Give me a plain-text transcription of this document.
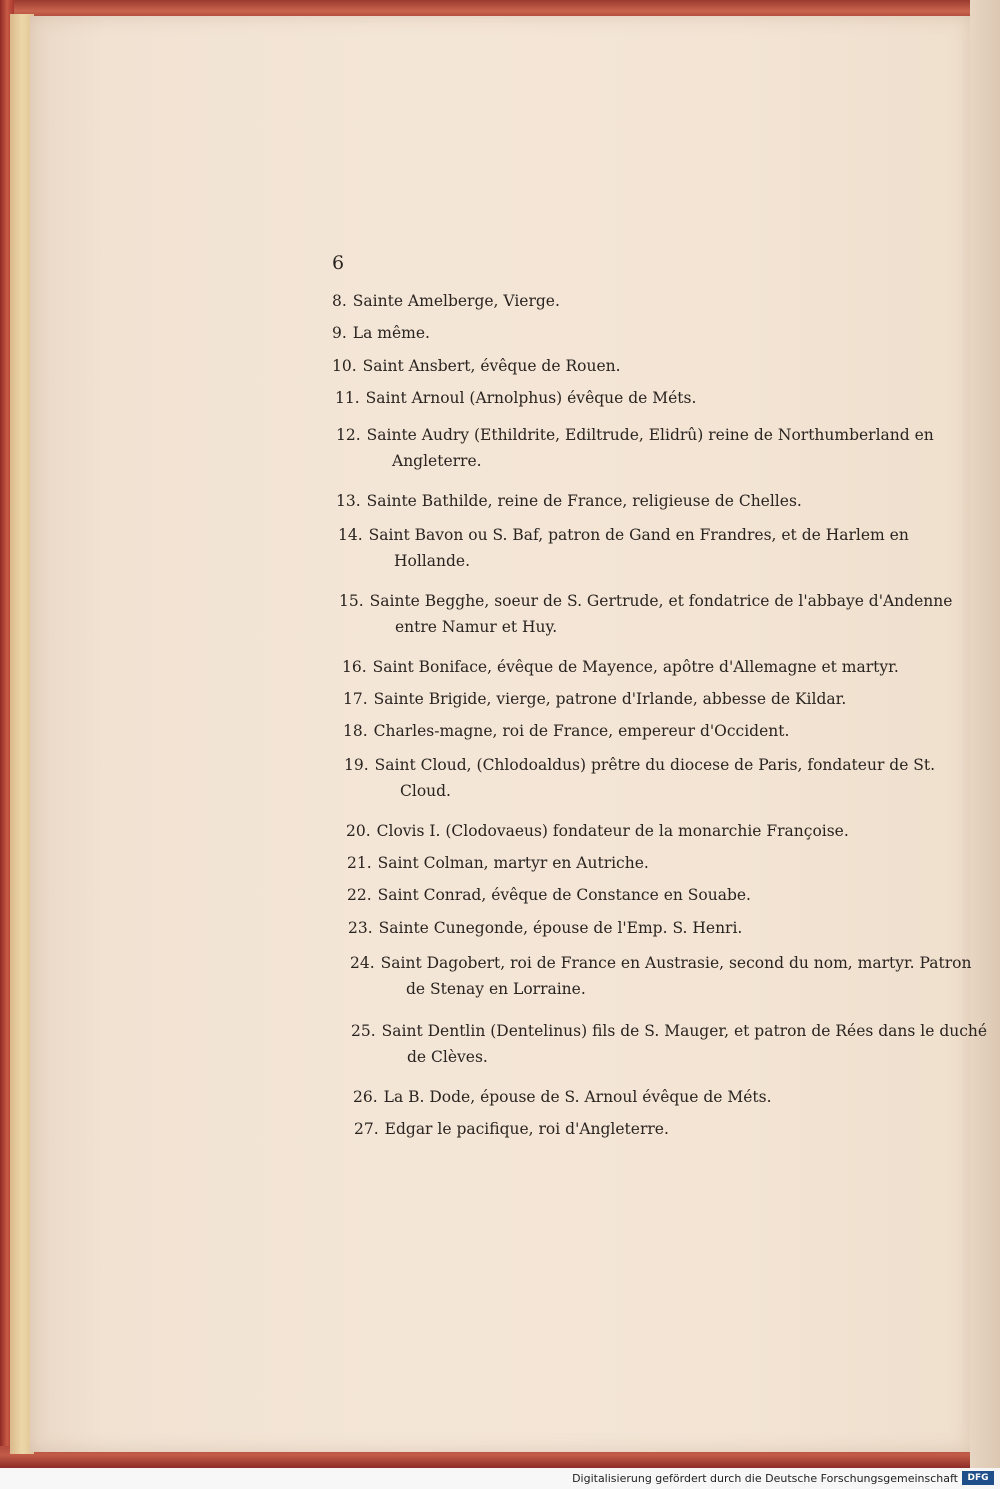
6
8. Sainte Amelberge, Vierge.
9. La même.
10. Saint Ansbert, évêque de Rouen.
11. Saint Arnoul (Arnolphus) évêque de Méts.
12. Sainte Audry (Ethildrite, Ediltrude, Elidrû) reine de Northumberland en
Angleterre.
13. Sainte Bathilde, reine de France, religieuse de Chelles.
14. Saint Bavon ou S. Baf, patron de Gand en Frandres, et de Harlem en
Hollande.
15. Sainte Begghe, soeur de S. Gertrude, et fondatrice de l'abbaye d'Andenne
entre Namur et Huy.
16. Saint Boniface, évêque de Mayence, apôtre d'Allemagne et martyr.
17. Sainte Brigide, vierge, patrone d'Irlande, abbesse de Kildar.
18. Charles-magne, roi de France, empereur d'Occident.
19. Saint Cloud, (Chlodoaldus) prêtre du diocese de Paris, fondateur de St.
Cloud.
20. Clovis I. (Clodovaeus) fondateur de la monarchie Françoise.
21. Saint Colman, martyr en Autriche.
22. Saint Conrad, évêque de Constance en Souabe.
23. Sainte Cunegonde, épouse de l'Emp. S. Henri.
24. Saint Dagobert, roi de France en Austrasie, second du nom, martyr. Patron
de Stenay en Lorraine.
25. Saint Dentlin (Dentelinus) fils de S. Mauger, et patron de Rées dans le duché
de Clèves.
26. La B. Dode, épouse de S. Arnoul évêque de Méts.
27. Edgar le pacifique, roi d'Angleterre.
Digitalisierung gefördert durch die Deutsche Forschungsgemeinschaft	DFG
